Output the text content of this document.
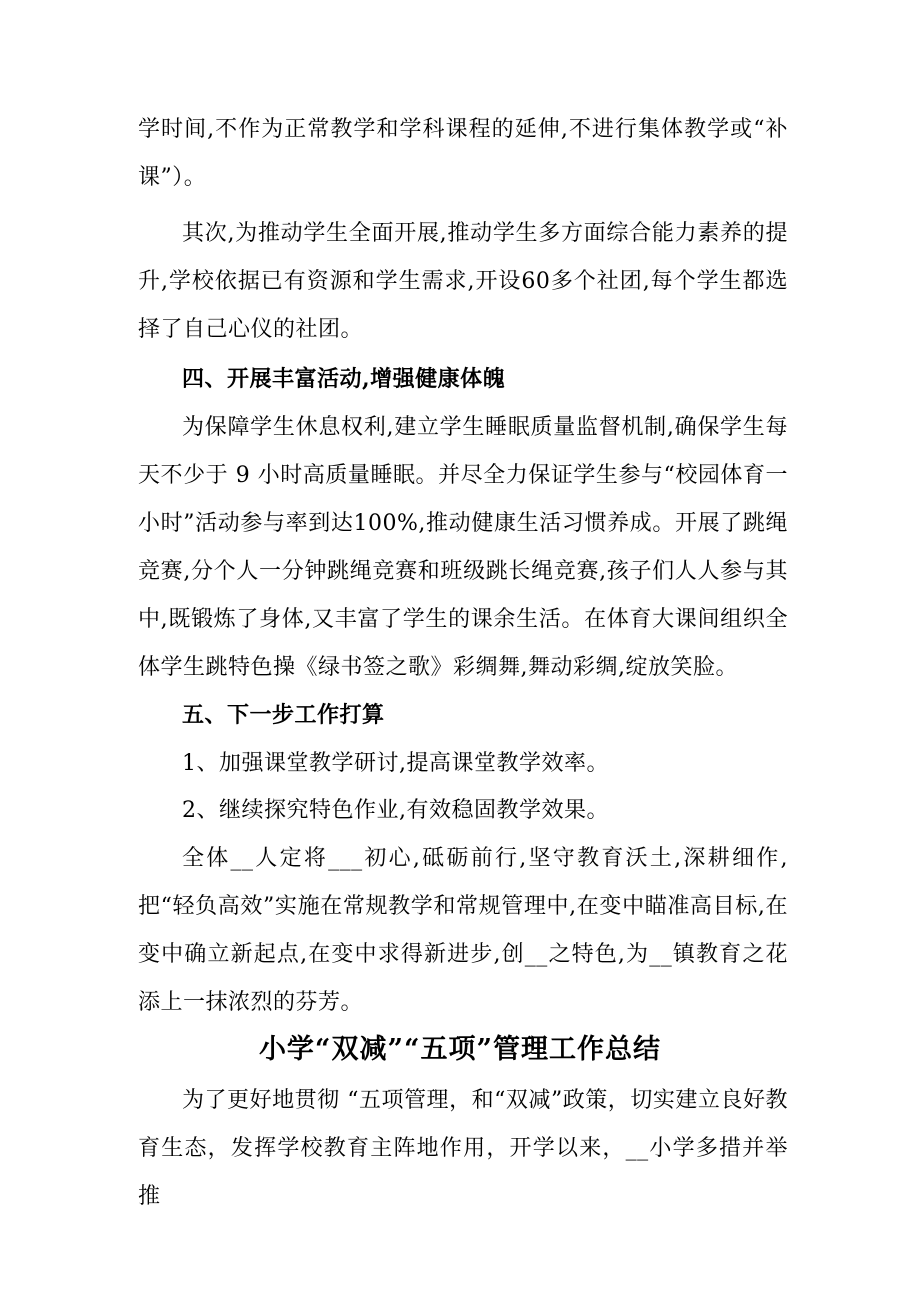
学时间,不作为正常教学和学科课程的延伸,不进行集体教学或“补课”）。

其次,为推动学生全面开展,推动学生多方面综合能力素养的提升,学校依据已有资源和学生需求,开设60多个社团,每个学生都选择了自己心仪的社团。

四、开展丰富活动,增强健康体魄

为保障学生休息权利,建立学生睡眠质量监督机制,确保学生每天不少于 9 小时高质量睡眠。并尽全力保证学生参与“校园体育一小时”活动参与率到达100%,推动健康生活习惯养成。开展了跳绳竞赛,分个人一分钟跳绳竞赛和班级跳长绳竞赛,孩子们人人参与其中,既锻炼了身体,又丰富了学生的课余生活。在体育大课间组织全体学生跳特色操《绿书签之歌》彩绸舞,舞动彩绸,绽放笑脸。

五、下一步工作打算

1、加强课堂教学研讨,提高课堂教学效率。

2、继续探究特色作业,有效稳固教学效果。

全体__人定将___初心,砥砺前行,坚守教育沃土,深耕细作,把“轻负高效”实施在常规教学和常规管理中,在变中瞄准高目标,在变中确立新起点,在变中求得新进步,创__之特色,为__镇教育之花添上一抹浓烈的芬芳。

小学“双减”“五项”管理工作总结

为了更好地贯彻 “五项管理，和“双减”政策，切实建立良好教育生态，发挥学校教育主阵地作用，开学以来，__小学多措并举推
